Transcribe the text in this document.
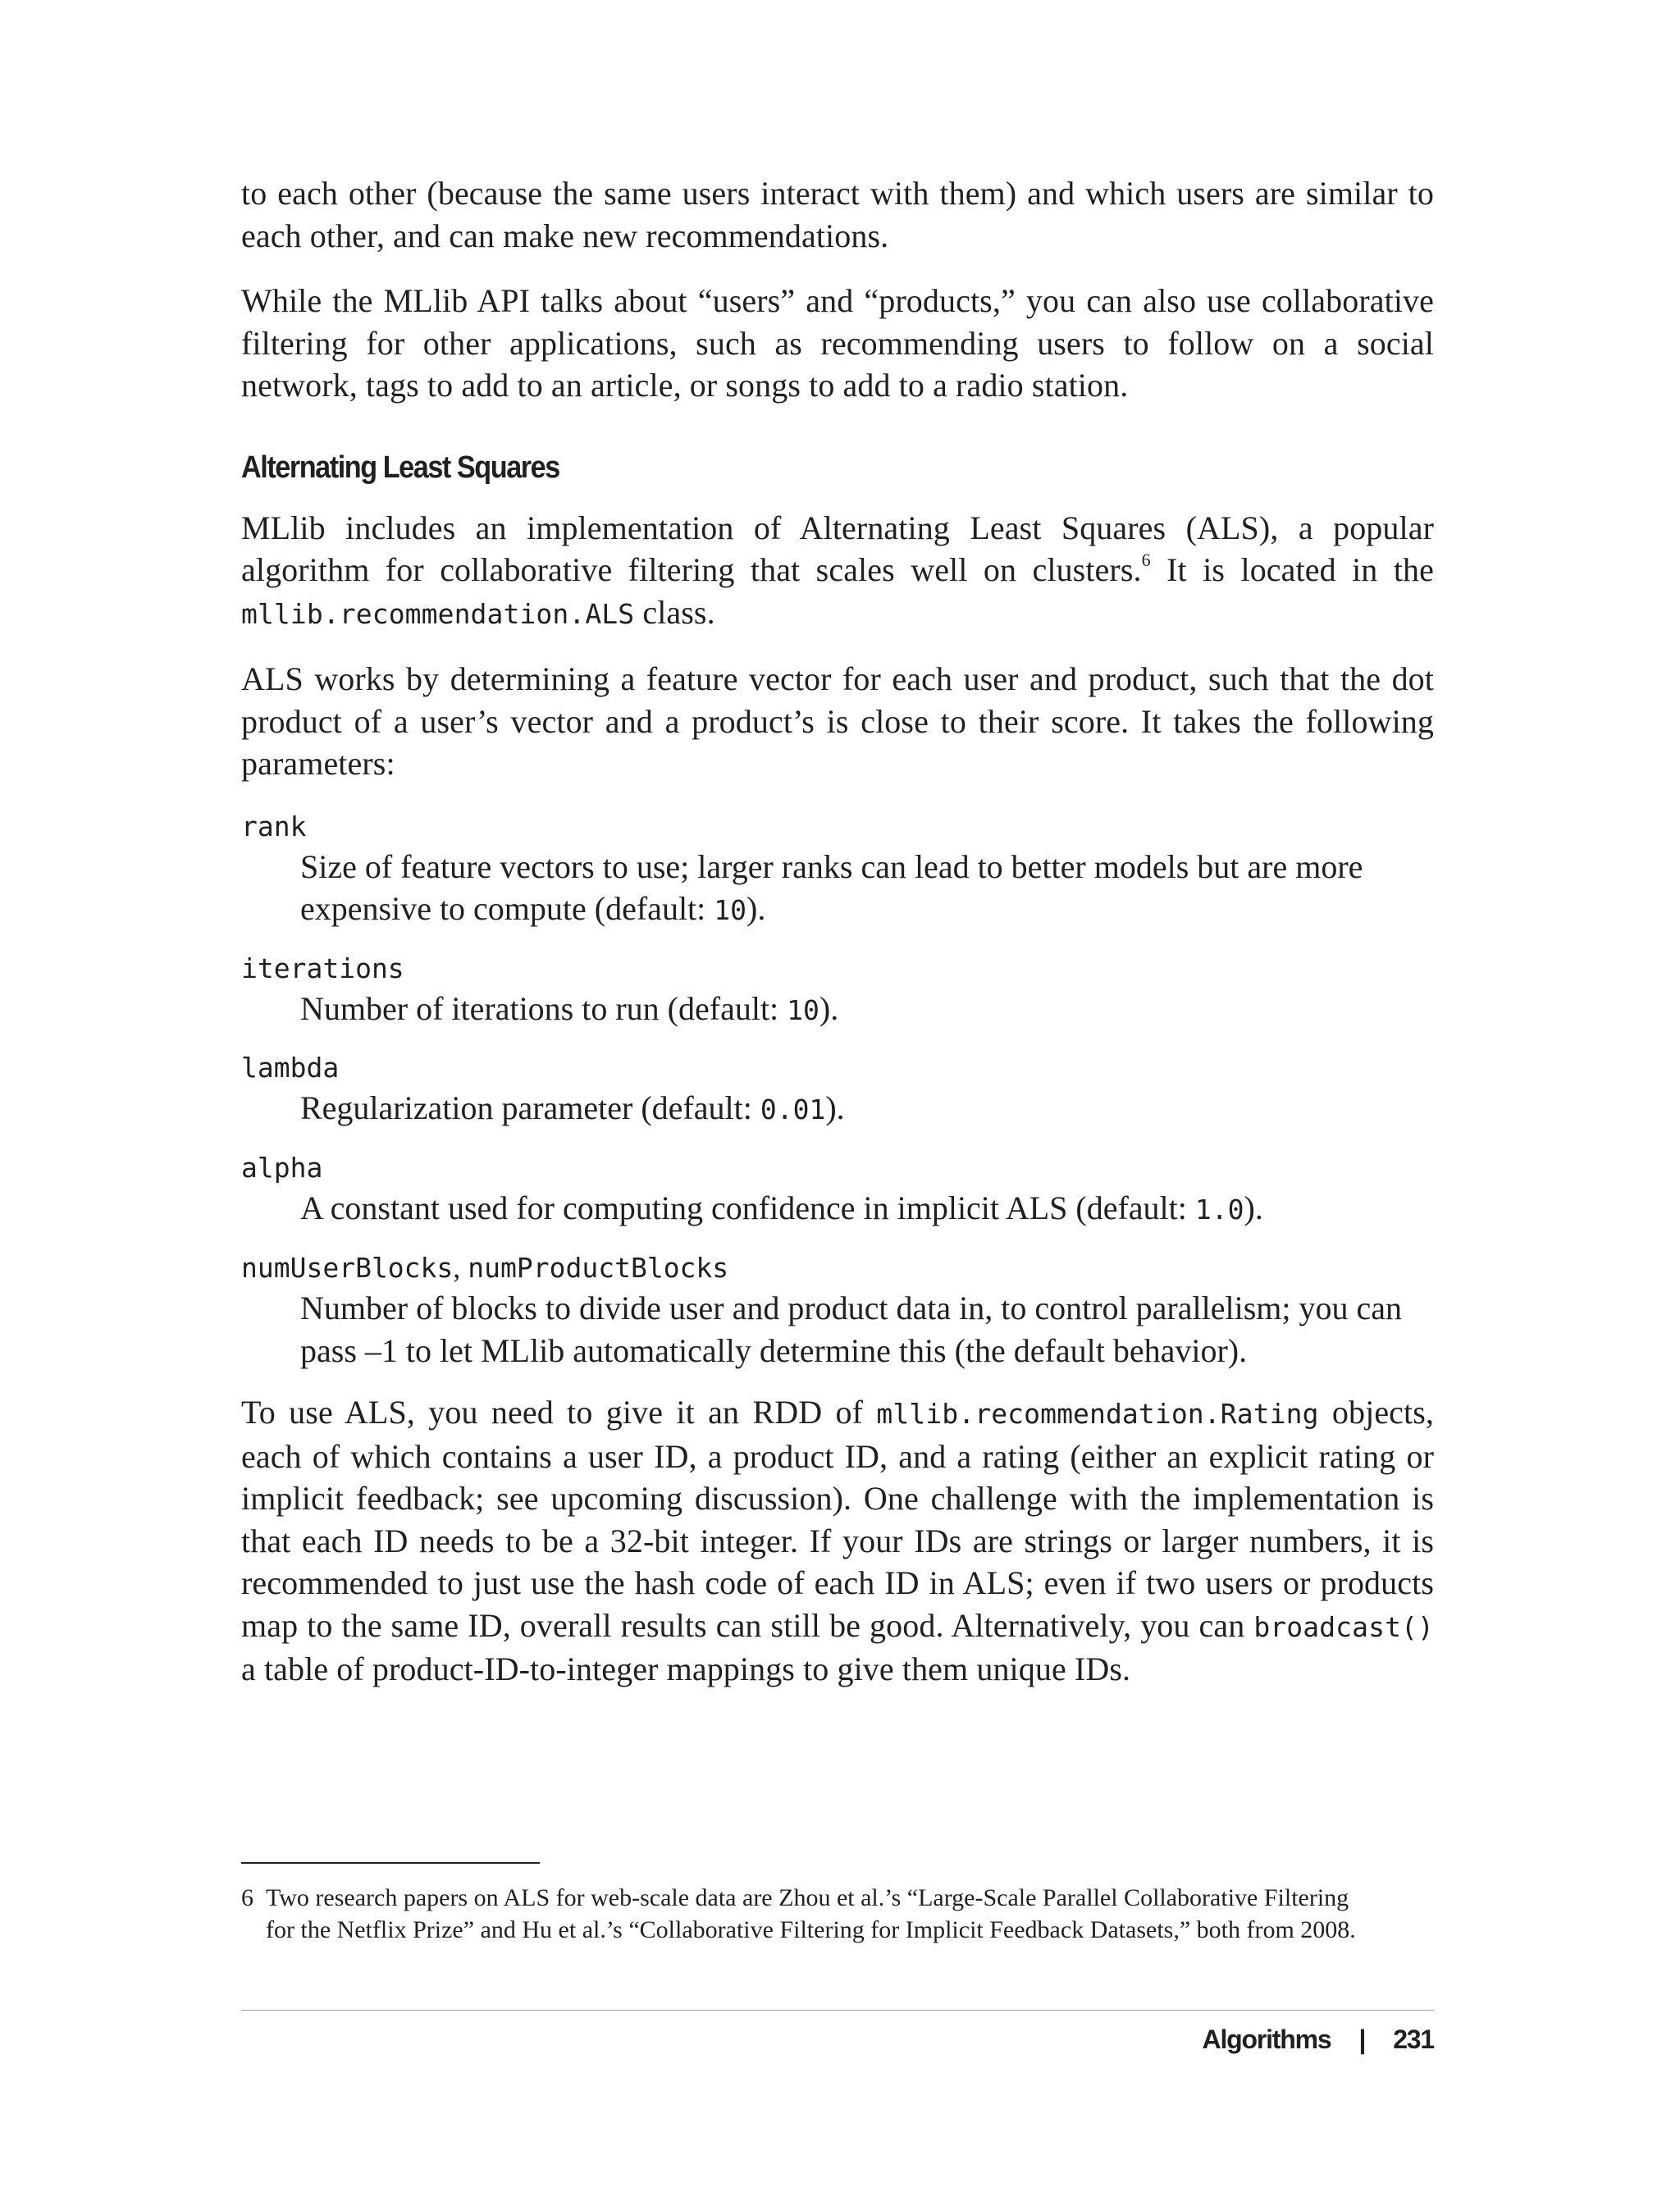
to each other (because the same users interact with them) and which users are similar to each other, and can make new recommendations.

While the MLlib API talks about “users” and “products,” you can also use collaborative filtering for other applications, such as recommending users to follow on a social network, tags to add to an article, or songs to add to a radio station.

Alternating Least Squares

MLlib includes an implementation of Alternating Least Squares (ALS), a popular algorithm for collaborative filtering that scales well on clusters.$^6$ It is located in the mllib.recommendation.ALS class.

ALS works by determining a feature vector for each user and product, such that the dot product of a user’s vector and a product’s is close to their score. It takes the following parameters:

rank
Size of feature vectors to use; larger ranks can lead to better models but are more expensive to compute (default: 10).
iterations
Number of iterations to run (default: 10).
lambda
Regularization parameter (default: 0.01).
alpha
A constant used for computing confidence in implicit ALS (default: 1.0).
numUserBlocks, numProductBlocks
Number of blocks to divide user and product data in, to control parallelism; you can pass –1 to let MLlib automatically determine this (the default behavior).

To use ALS, you need to give it an RDD of mllib.recommendation.Rating objects, each of which contains a user ID, a product ID, and a rating (either an explicit rating or implicit feedback; see upcoming discussion). One challenge with the implementation is that each ID needs to be a 32-bit integer. If your IDs are strings or larger numbers, it is recommended to just use the hash code of each ID in ALS; even if two users or products map to the same ID, overall results can still be good. Alternatively, you can broadcast() a table of product-ID-to-integer mappings to give them unique IDs.

6 Two research papers on ALS for web-scale data are Zhou et al.’s “Large-Scale Parallel Collaborative Filtering
for the Netflix Prize” and Hu et al.’s “Collaborative Filtering for Implicit Feedback Datasets,” both from 2008.
Algorithms | 231
